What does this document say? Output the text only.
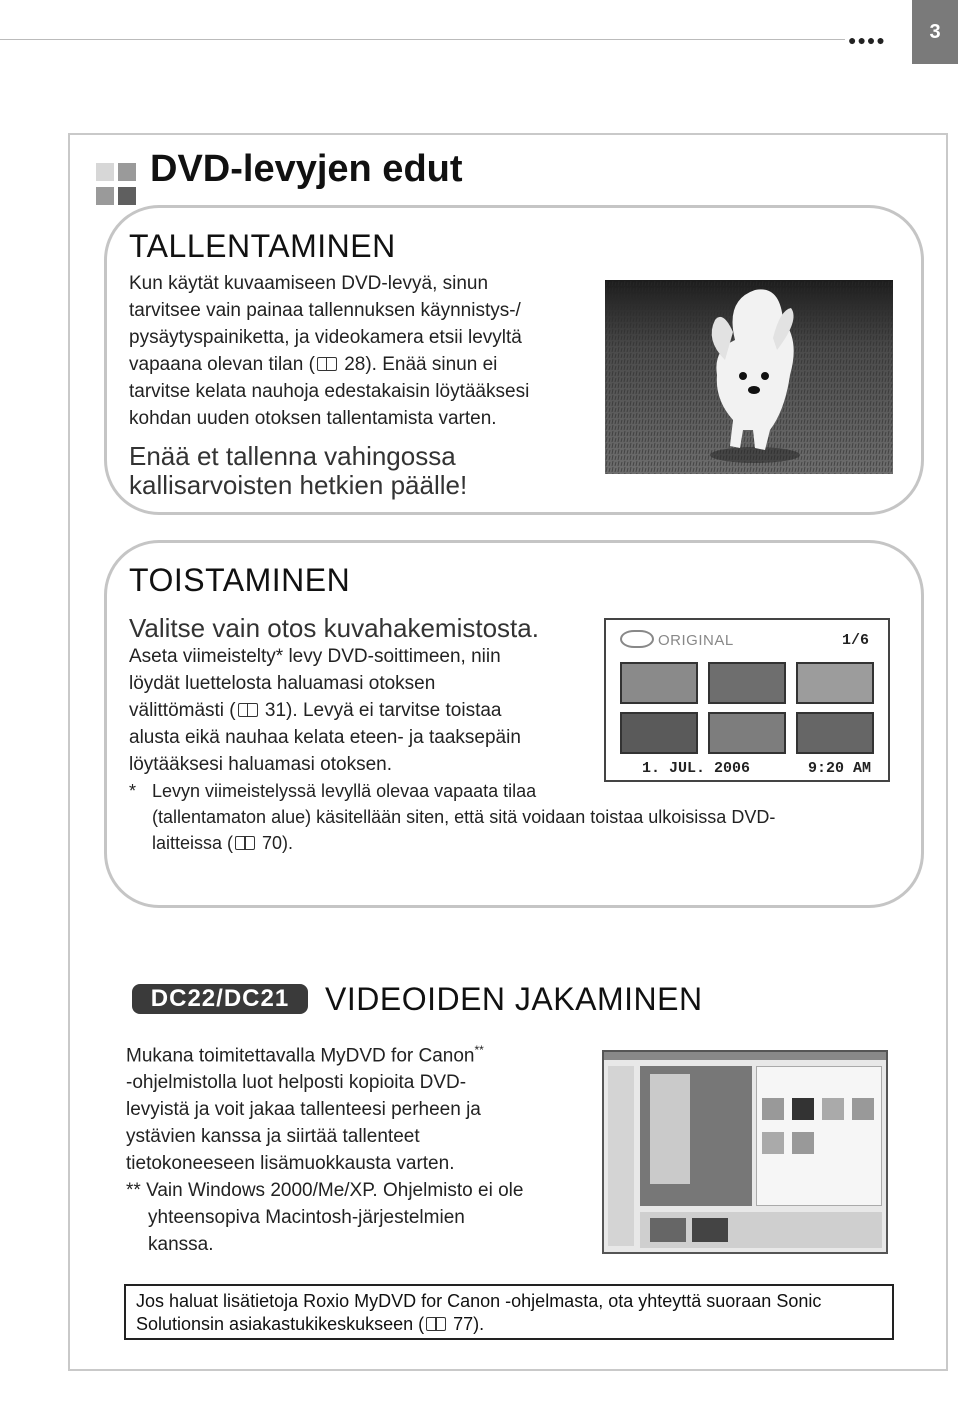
●●●●	3
DVD-levyjen edut
TALLENTAMINEN
Kun käytät kuvaamiseen DVD-levyä, sinun
tarvitsee vain painaa tallennuksen käynnistys-/
pysäytyspainiketta, ja videokamera etsii levyltä
vapaana olevan tilan ( 28). Enää sinun ei
tarvitse kelata nauhoja edestakaisin löytääksesi
kohdan uuden otoksen tallentamista varten.
Enää et tallenna vahingossa
kallisarvoisten hetkien päälle!
TOISTAMINEN
Valitse vain otos kuvahakemistosta.
Aseta viimeistelty* levy DVD-soittimeen, niin
löydät luettelosta haluamasi otoksen
välittömästi ( 31). Levyä ei tarvitse toistaa
alusta eikä nauhaa kelata eteen- ja taaksepäin
löytääksesi haluamasi otoksen.
* Levyn viimeistelyssä levyllä olevaa vapaata tilaa
(tallentamaton alue) käsitellään siten, että sitä voidaan toistaa ulkoisissa DVD-
laitteissa ( 70).
ORIGINAL	1/6
1. JUL. 2006	9:20 AM
DC22/DC21	VIDEOIDEN JAKAMINEN
Mukana toimitettavalla MyDVD for Canon**
-ohjelmistolla luot helposti kopioita DVD-
levyistä ja voit jakaa tallenteesi perheen ja
ystävien kanssa ja siirtää tallenteet
tietokoneeseen lisämuokkausta varten.
** Vain Windows 2000/Me/XP. Ohjelmisto ei ole
yhteensopiva Macintosh-järjestelmien
kanssa.
Jos haluat lisätietoja Roxio MyDVD for Canon -ohjelmasta, ota yhteyttä suoraan Sonic
Solutionsin asiakastukikeskukseen ( 77).
